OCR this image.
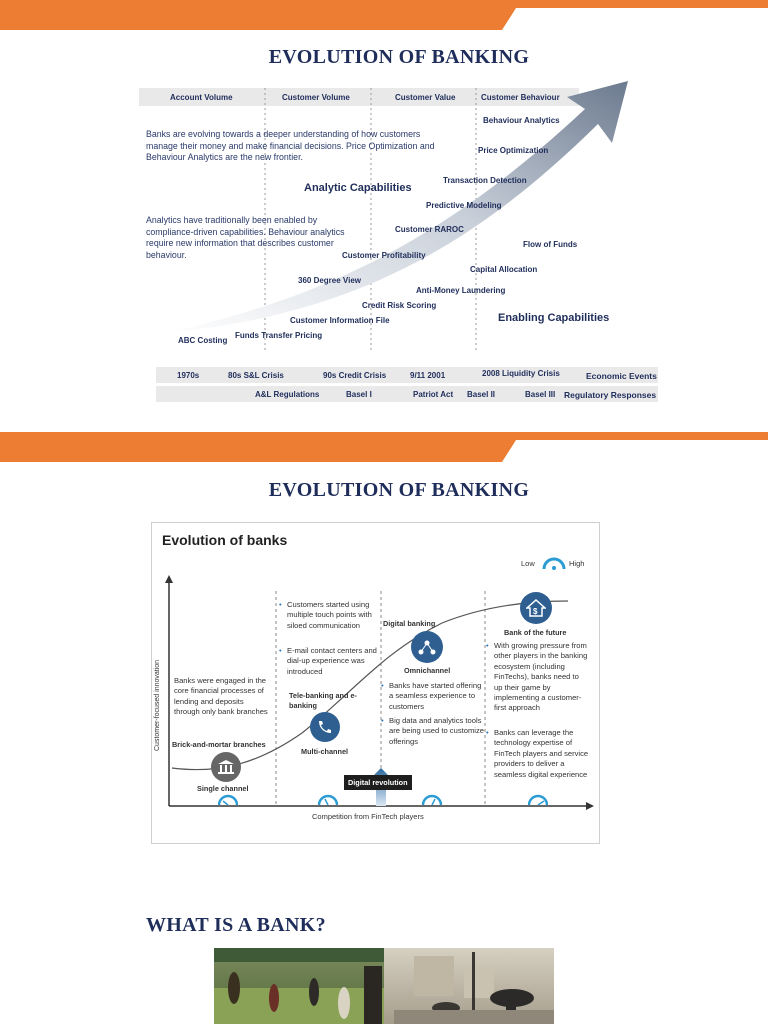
EVOLUTION OF BANKING
Account Volume	Customer Volume	Customer Value	Customer Behaviour
Banks are evolving towards a deeper understanding of how customers manage their money and make financial decisions. Price Optimization and Behaviour Analytics are the new frontier.
Analytic Capabilities
Analytics have traditionally been enabled by compliance-driven capabilities. Behaviour analytics require new information that describes customer behaviour.
Behaviour Analytics
Price Optimization
Transaction Detection
Predictive Modeling
Customer RAROC
Flow of Funds
Customer Profitability
Capital Allocation
360 Degree View
Anti-Money Laundering
Credit Risk Scoring
Customer Information File
Funds Transfer Pricing
ABC Costing
Enabling Capabilities
1970s	80s S&L Crisis	90s Credit Crisis	9/11 2001	2008 Liquidity Crisis	Economic Events
A&L Regulations	Basel I	Patriot Act Basel II	Basel III Regulatory Responses
EVOLUTION OF BANKING
Evolution of banks
Low	High
Customer-focused innovation
Competition from FinTech players
Banks were engaged in the core financial processes of lending and deposits through only bank branches
Brick-and-mortar branches
Single channel
• Customers started using multiple touch points with siloed communication
• E-mail contact centers and dial-up experience was introduced
Tele-banking and e-banking
Multi-channel
Digital banking
Omnichannel
• Banks have started offering a seamless experience to customers
• Big data and analytics tools are being used to customize offerings
Digital revolution
$
Bank of the future
• With growing pressure from other players in the banking ecosystem (including FinTechs), banks need to up their game by implementing a customer-first approach
• Banks can leverage the technology expertise of FinTech players and service providers to deliver a seamless digital experience
WHAT IS A BANK?
